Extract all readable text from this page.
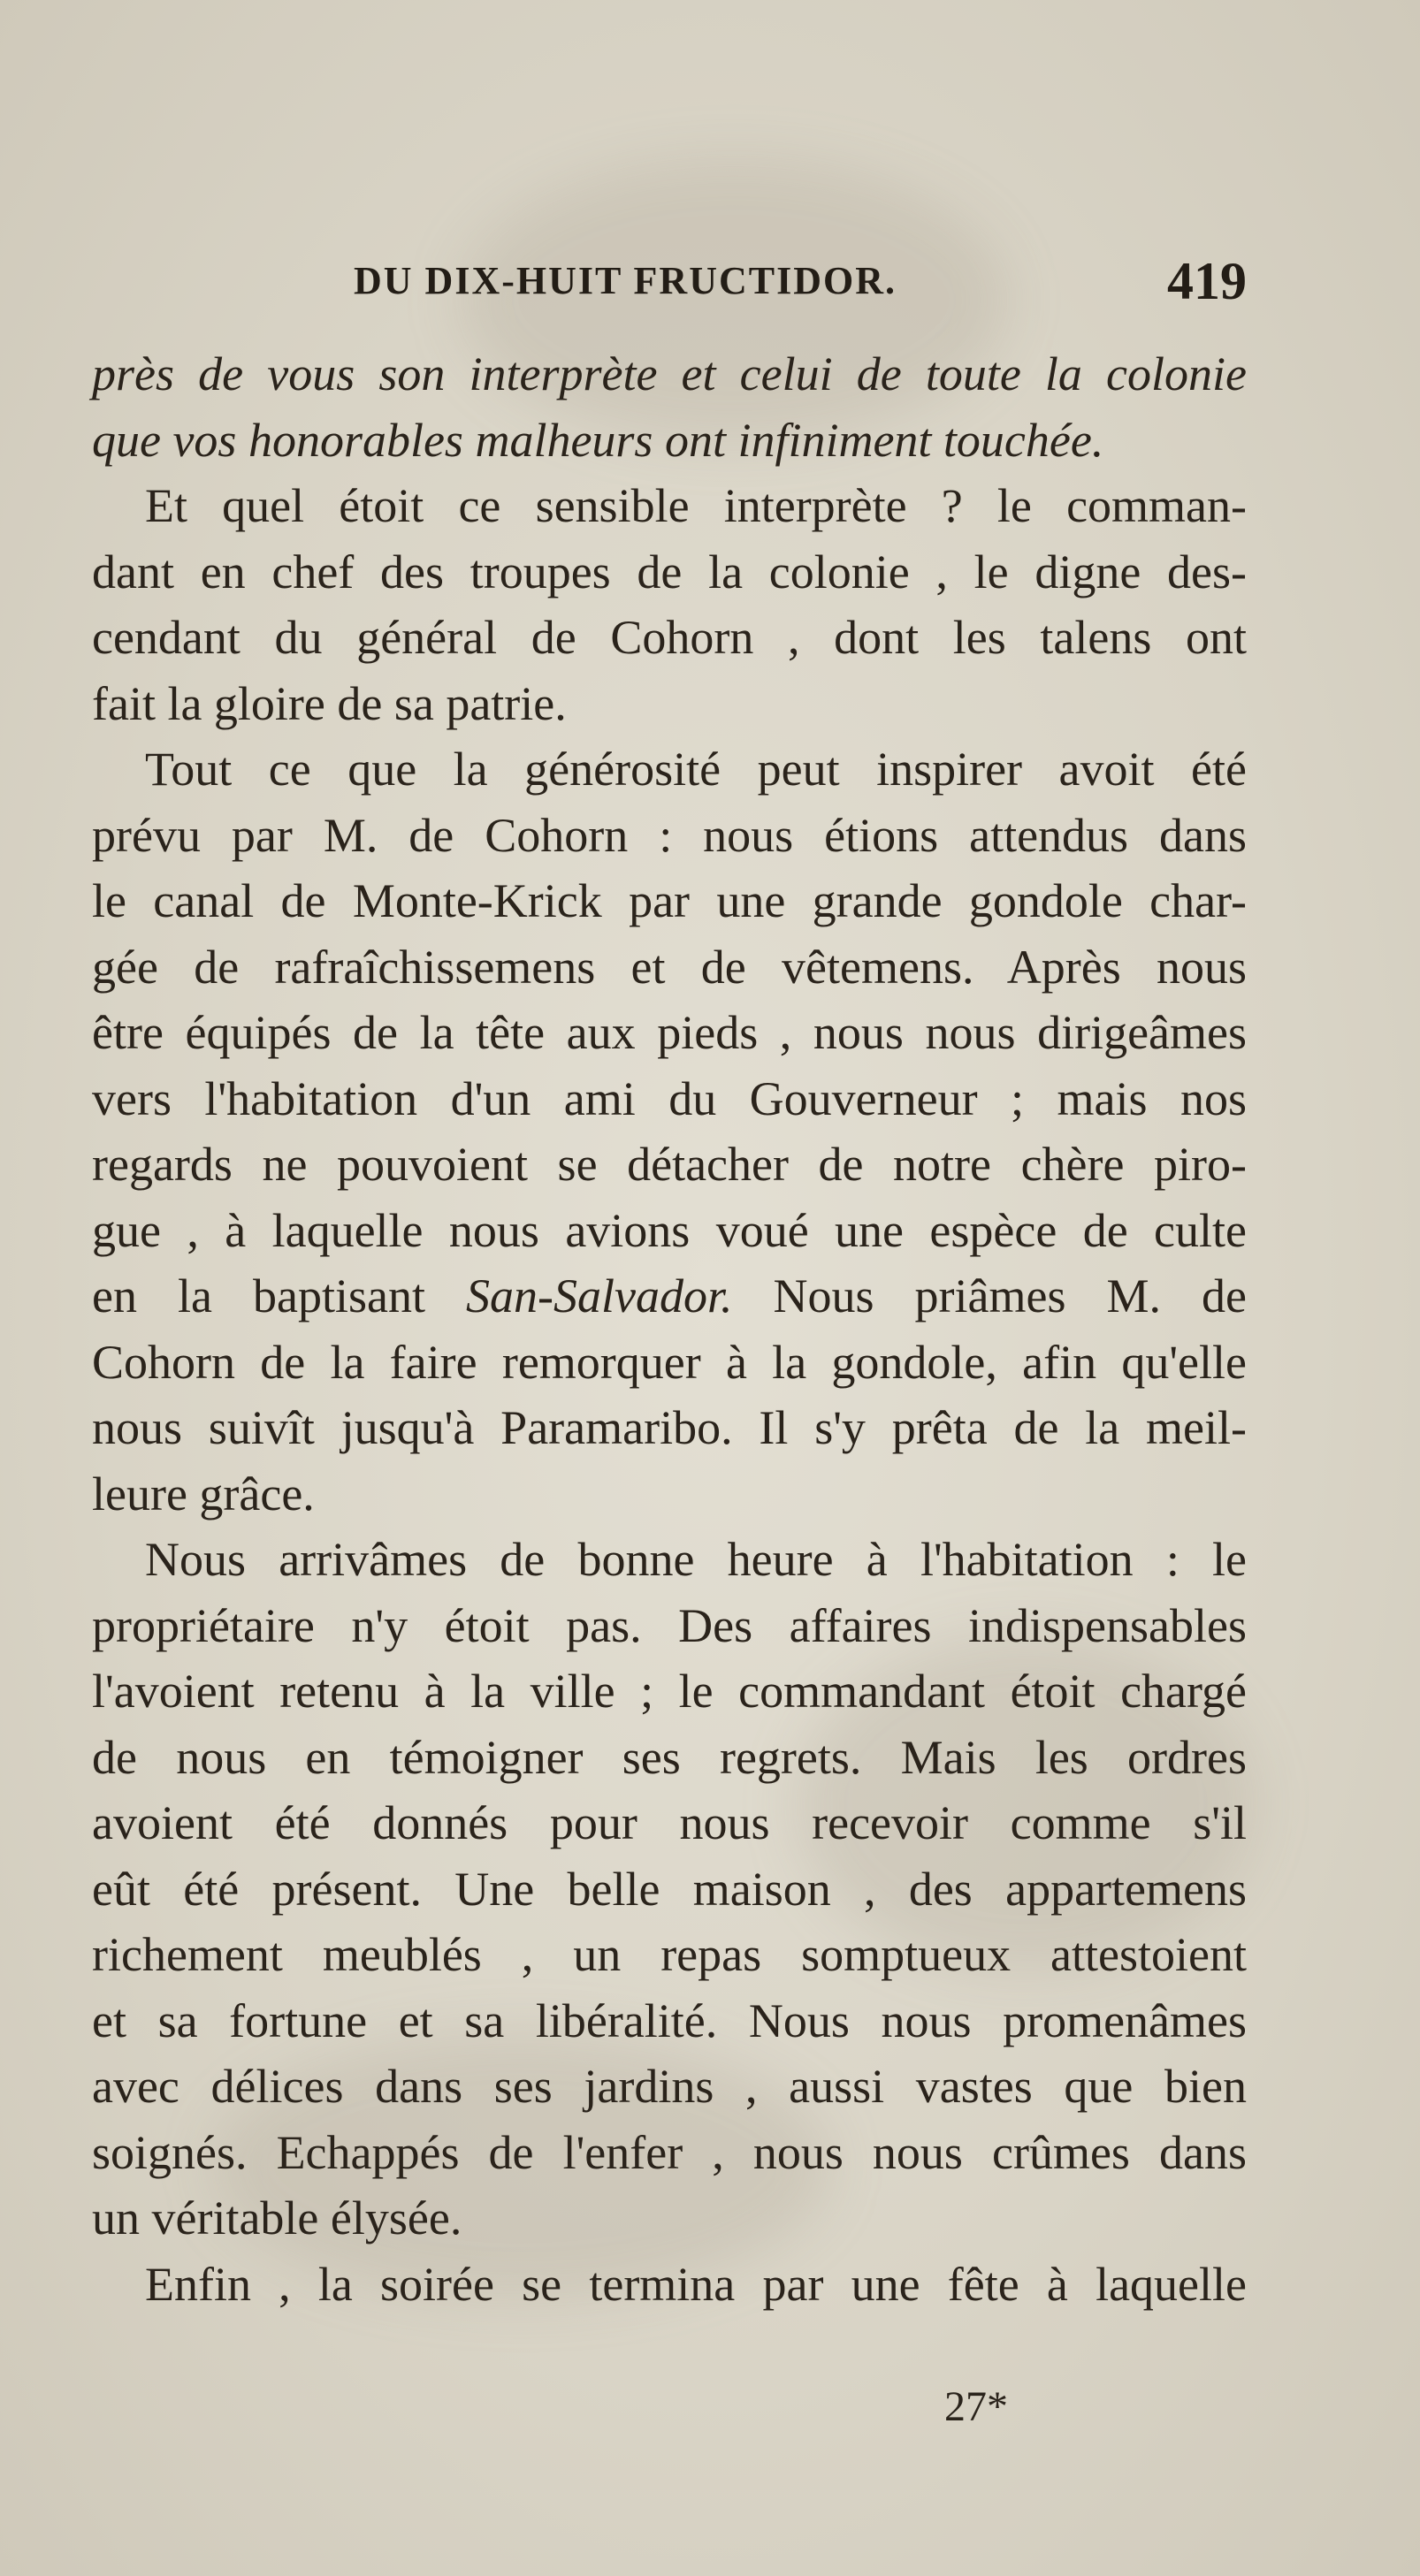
DU DIX-HUIT FRUCTIDOR.	419
près de vous son interprète et celui de toute la colonie
que vos honorables malheurs ont infiniment touchée.
Et quel étoit ce sensible interprète ? le comman-
dant en chef des troupes de la colonie , le digne des-
cendant du général de Cohorn , dont les talens ont
fait la gloire de sa patrie.
Tout ce que la générosité peut inspirer avoit été
prévu par M. de Cohorn : nous étions attendus dans
le canal de Monte-Krick par une grande gondole char-
gée de rafraîchissemens et de vêtemens. Après nous
être équipés de la tête aux pieds , nous nous dirigeâmes
vers l'habitation d'un ami du Gouverneur ; mais nos
regards ne pouvoient se détacher de notre chère piro-
gue , à laquelle nous avions voué une espèce de culte
en la baptisant San-Salvador. Nous priâmes M. de
Cohorn de la faire remorquer à la gondole, afin qu'elle
nous suivît jusqu'à Paramaribo. Il s'y prêta de la meil-
leure grâce.
Nous arrivâmes de bonne heure à l'habitation : le
propriétaire n'y étoit pas. Des affaires indispensables
l'avoient retenu à la ville ; le commandant étoit chargé
de nous en témoigner ses regrets. Mais les ordres
avoient été donnés pour nous recevoir comme s'il
eût été présent. Une belle maison , des appartemens
richement meublés , un repas somptueux attestoient
et sa fortune et sa libéralité. Nous nous promenâmes
avec délices dans ses jardins , aussi vastes que bien
soignés. Echappés de l'enfer , nous nous crûmes dans
un véritable élysée.
Enfin , la soirée se termina par une fête à laquelle
27*
